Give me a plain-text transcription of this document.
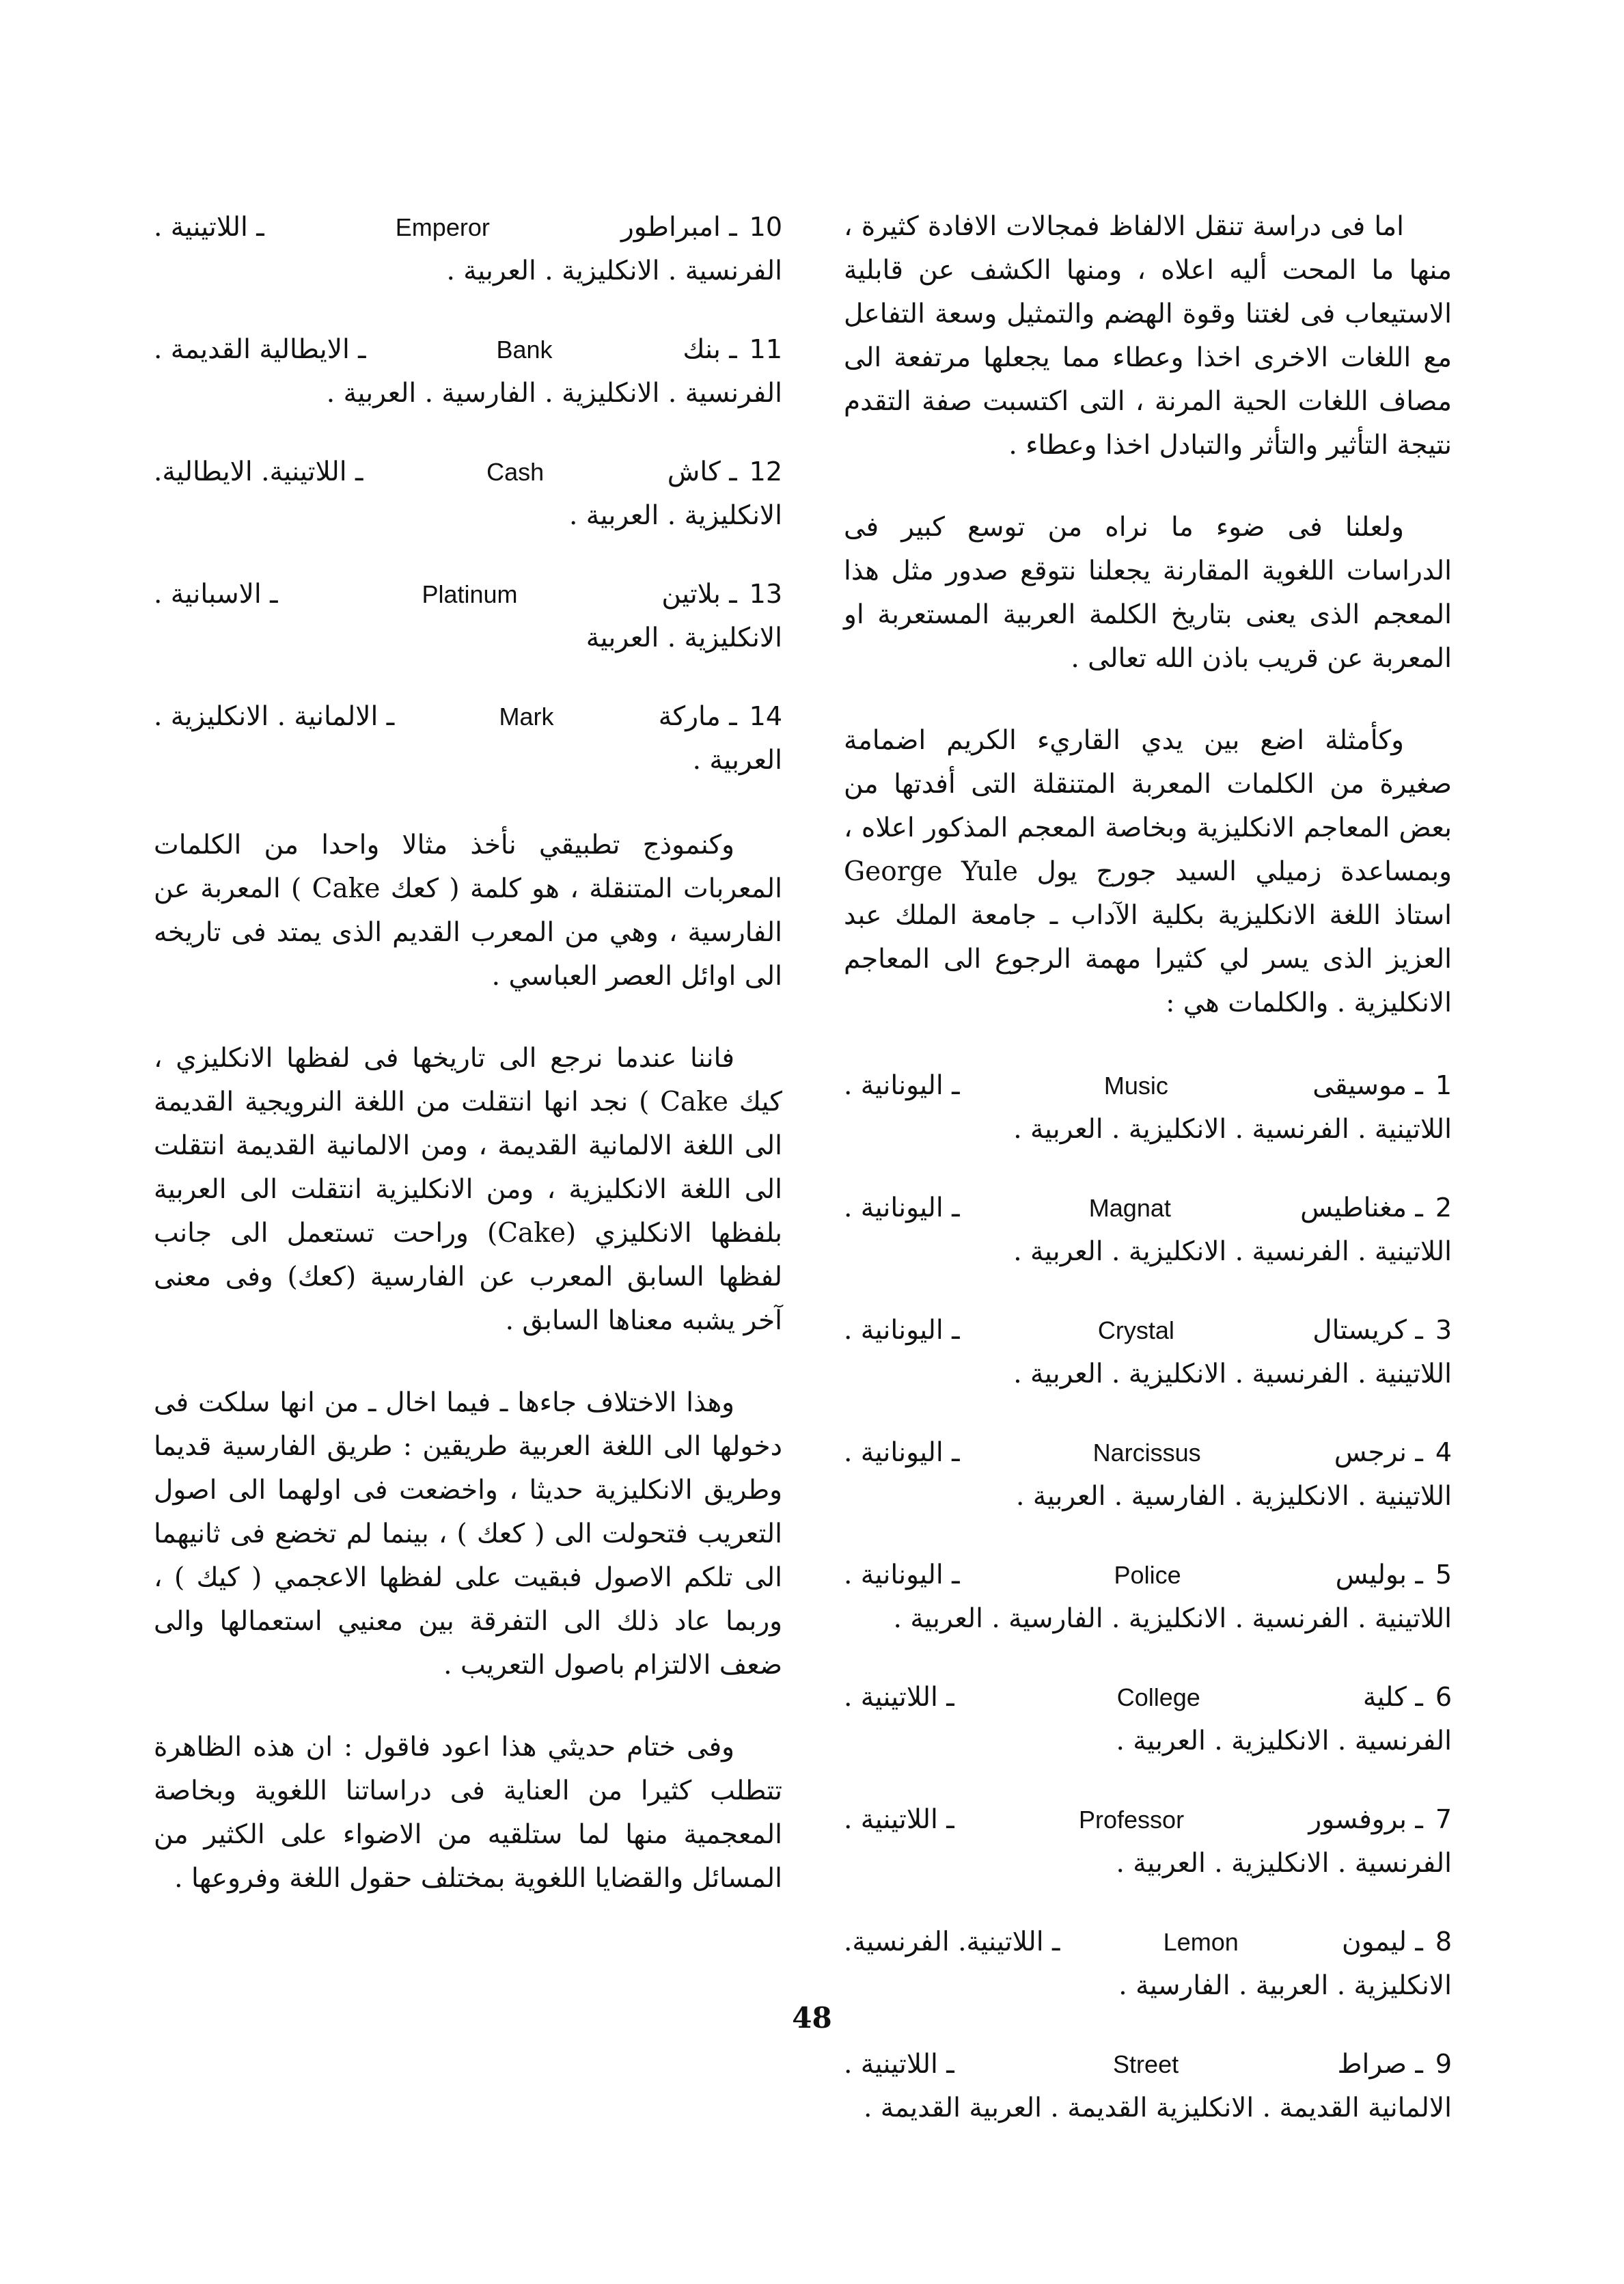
اما فى دراسة تنقل الالفاظ فمجالات الافادة كثيرة ، منها ما المحت أليه اعلاه ، ومنها الكشف عن قابلية الاستيعاب فى لغتنا وقوة الهضم والتمثيل وسعة التفاعل مع اللغات الاخرى اخذا وعطاء مما يجعلها مرتفعة الى مصاف اللغات الحية المرنة ، التى اكتسبت صفة التقدم نتيجة التأثير والتأثر والتبادل اخذا وعطاء .

ولعلنا فى ضوء ما نراه من توسع كبير فى الدراسات اللغوية المقارنة يجعلنا نتوقع صدور مثل هذا المعجم الذى يعنى بتاريخ الكلمة العربية المستعربة او المعربة عن قريب باذن الله تعالى .

وكأمثلة اضع بين يدي القاريء الكريم اضمامة صغيرة من الكلمات المعربة المتنقلة التى أفدتها من بعض المعاجم الانكليزية وبخاصة المعجم المذكور اعلاه ، وبمساعدة زميلي السيد جورج يول George Yule استاذ اللغة الانكليزية بكلية الآداب ـ جامعة الملك عبد العزيز الذى يسر لي كثيرا مهمة الرجوع الى المعاجم الانكليزية . والكلمات هي :

1ـ موسيقى
Music
ـ اليونانية .
اللاتينية . الفرنسية . الانكليزية . العربية .
2ـ مغناطيس
Magnat
ـ اليونانية .
اللاتينية . الفرنسية . الانكليزية . العربية .
3ـ كريستال
Crystal
ـ اليونانية .
اللاتينية . الفرنسية . الانكليزية . العربية .
4ـ نرجس
Narcissus
ـ اليونانية .
اللاتينية . الانكليزية . الفارسية . العربية .
5ـ بوليس
Police
ـ اليونانية .
اللاتينية . الفرنسية . الانكليزية . الفارسية . العربية .
6ـ كلية
College
ـ اللاتينية .
الفرنسية . الانكليزية . العربية .
7ـ بروفسور
Professor
ـ اللاتينية .
الفرنسية . الانكليزية . العربية .
8ـ ليمون
Lemon
ـ اللاتينية. الفرنسية.
الانكليزية . العربية . الفارسية .
9ـ صراط
Street
ـ اللاتينية .
الالمانية القديمة . الانكليزية القديمة . العربية القديمة .
10ـ امبراطور
Emperor
ـ اللاتينية .
الفرنسية . الانكليزية . العربية .
11ـ بنك
Bank
ـ الايطالية القديمة .
الفرنسية . الانكليزية . الفارسية . العربية .
12ـ كاش
Cash
ـ اللاتينية. الايطالية.
الانكليزية . العربية .
13ـ بلاتين
Platinum
ـ الاسبانية .
الانكليزية . العربية
14ـ ماركة
Mark
ـ الالمانية . الانكليزية .
العربية .

وكنموذج تطبيقي نأخذ مثالا واحدا من الكلمات المعربات المتنقلة ، هو كلمة ( كعك Cake ) المعربة عن الفارسية ، وهي من المعرب القديم الذى يمتد فى تاريخه الى اوائل العصر العباسي .

فاننا عندما نرجع الى تاريخها فى لفظها الانكليزي ، كيك Cake ) نجد انها انتقلت من اللغة النرويجية القديمة الى اللغة الالمانية القديمة ، ومن الالمانية القديمة انتقلت الى اللغة الانكليزية ، ومن الانكليزية انتقلت الى العربية بلفظها الانكليزي (Cake) وراحت تستعمل الى جانب لفظها السابق المعرب عن الفارسية (كعك) وفى معنى آخر يشبه معناها السابق .

وهذا الاختلاف جاءها ـ فيما اخال ـ من انها سلكت فى دخولها الى اللغة العربية طريقين : طريق الفارسية قديما وطريق الانكليزية حديثا ، واخضعت فى اولهما الى اصول التعريب فتحولت الى ( كعك ) ، بينما لم تخضع فى ثانيهما الى تلكم الاصول فبقيت على لفظها الاعجمي ( كيك ) ، وربما عاد ذلك الى التفرقة بين معنيي استعمالها والى ضعف الالتزام باصول التعريب .

وفى ختام حديثي هذا اعود فاقول : ان هذه الظاهرة تتطلب كثيرا من العناية فى دراساتنا اللغوية وبخاصة المعجمية منها لما ستلقيه من الاضواء على الكثير من المسائل والقضايا اللغوية بمختلف حقول اللغة وفروعها .

48
